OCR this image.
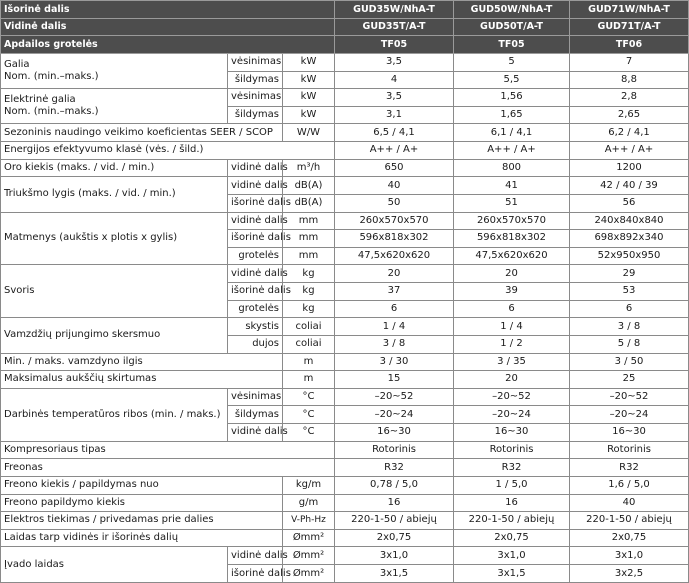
Išorinė dalis			GUD35W/NhA-T	GUD50W/NhA-T	GUD71W/NhA-T
Vidinė dalis			GUD35T/A-T	GUD50T/A-T	GUD71T/A-T
Apdailos grotelės			TF05	TF05	TF06
Galia
Nom. (min.–maks.)	vėsinimas	kW	3,5	5	7
	šildymas	kW	4	5,5	8,8
Elektrinė galia
Nom. (min.–maks.)	vėsinimas	kW	3,5	1,56	2,8
	šildymas	kW	3,1	1,65	2,65
Sezoninis naudingo veikimo koeficientas SEER / SCOP		W/W	6,5 / 4,1	6,1 / 4,1	6,2 / 4,1
Energijos efektyvumo klasė (vės. / šild.)			A++ / A+	A++ / A+	A++ / A+
Oro kiekis (maks. / vid. / min.)	vidinė dalis	m³/h	650	800	1200
Triukšmo lygis (maks. / vid. / min.)	vidinė dalis	dB(A)	40	41	42 / 40 / 39
	išorinė dalis	dB(A)	50	51	56
Matmenys (aukštis x plotis x gylis)	vidinė dalis	mm	260x570x570	260x570x570	240x840x840
	išorinė dalis	mm	596x818x302	596x818x302	698x892x340
	grotelės	mm	47,5x620x620	47,5x620x620	52x950x950
Svoris	vidinė dalis	kg	20	20	29
	išorinė dalis	kg	37	39	53
	grotelės	kg	6	6	6
Vamzdžių prijungimo skersmuo	skystis	coliai	1 / 4	1 / 4	3 / 8
	dujos	coliai	3 / 8	1 / 2	5 / 8
Min. / maks. vamzdyno ilgis		m	3 / 30	3 / 35	3 / 50
Maksimalus aukščių skirtumas		m	15	20	25
Darbinės temperatūros ribos (min. / maks.)	vėsinimas	°C	–20~52	–20~52	–20~52
	šildymas	°C	–20~24	–20~24	–20~24
	vidinė dalis	°C	16~30	16~30	16~30
Kompresoriaus tipas			Rotorinis	Rotorinis	Rotorinis
Freonas			R32	R32	R32
Freono kiekis / papildymas nuo		kg/m	0,78 / 5,0	1 / 5,0	1,6 / 5,0
Freono papildymo kiekis		g/m	16	16	40
Elektros tiekimas / privedamas prie dalies		V-Ph-Hz	220-1-50 / abiejų	220-1-50 / abiejų	220-1-50 / abiejų
Laidas tarp vidinės ir išorinės dalių		Ømm²	2x0,75	2x0,75	2x0,75
Įvado laidas	vidinė dalis	Ømm²	3x1,0	3x1,0	3x1,0
	išorinė dalis	Ømm²	3x1,5	3x1,5	3x2,5
